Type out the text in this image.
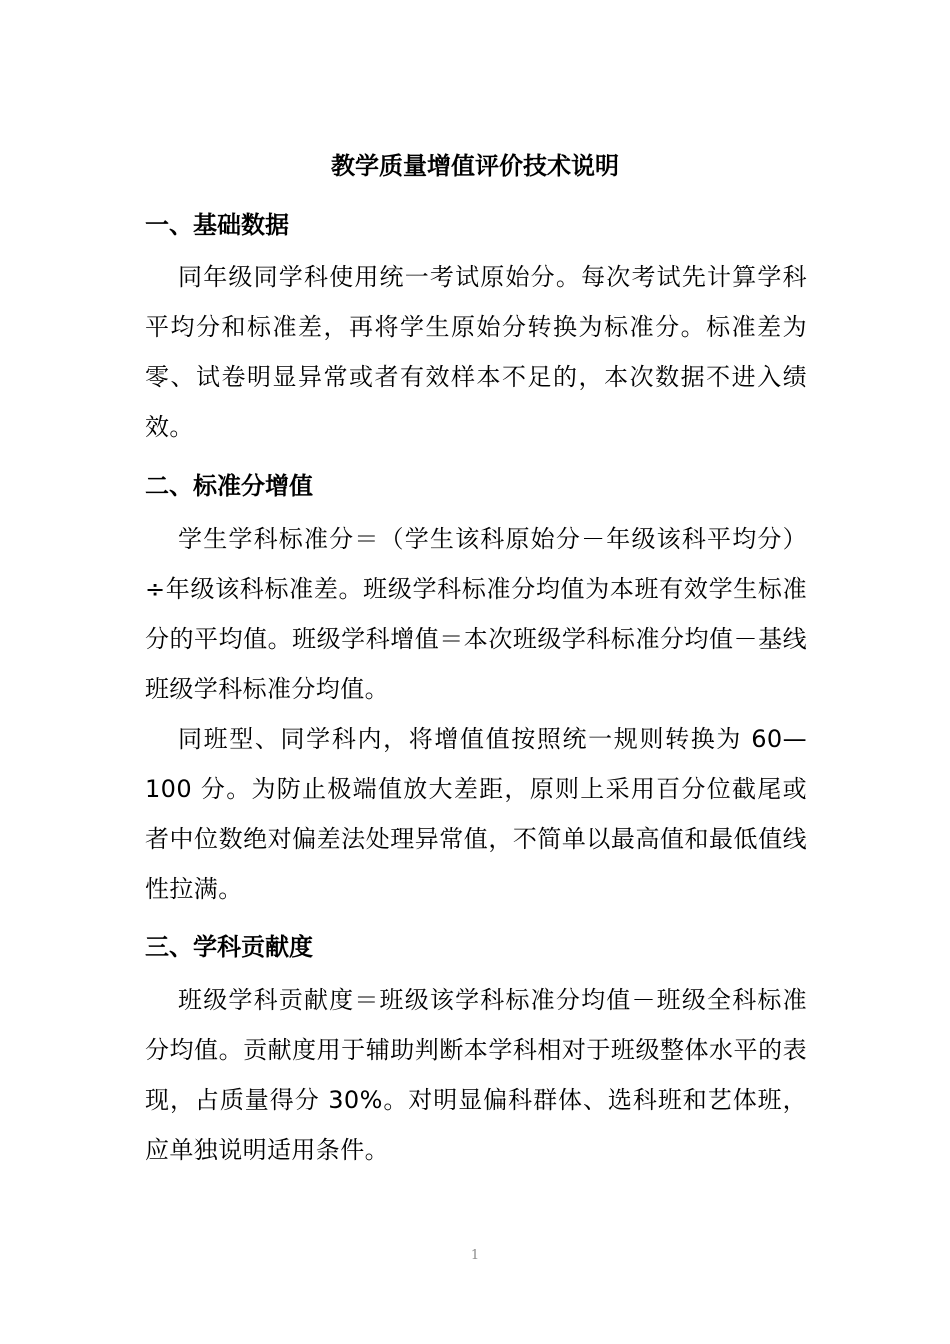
教学质量增值评价技术说明
一、基础数据

同年级同学科使用统一考试原始分。每次考试先计算学科平均分和标准差，再将学生原始分转换为标准分。标准差为零、试卷明显异常或者有效样本不足的，本次数据不进入绩效。

二、标准分增值

学生学科标准分＝（学生该科原始分－年级该科平均分）÷年级该科标准差。班级学科标准分均值为本班有效学生标准分的平均值。班级学科增值＝本次班级学科标准分均值－基线班级学科标准分均值。

同班型、同学科内，将增值值按照统一规则转换为 60—100 分。为防止极端值放大差距，原则上采用百分位截尾或者中位数绝对偏差法处理异常值，不简单以最高值和最低值线性拉满。

三、学科贡献度

班级学科贡献度＝班级该学科标准分均值－班级全科标准分均值。贡献度用于辅助判断本学科相对于班级整体水平的表现，占质量得分 30%。对明显偏科群体、选科班和艺体班，应单独说明适用条件。

1
